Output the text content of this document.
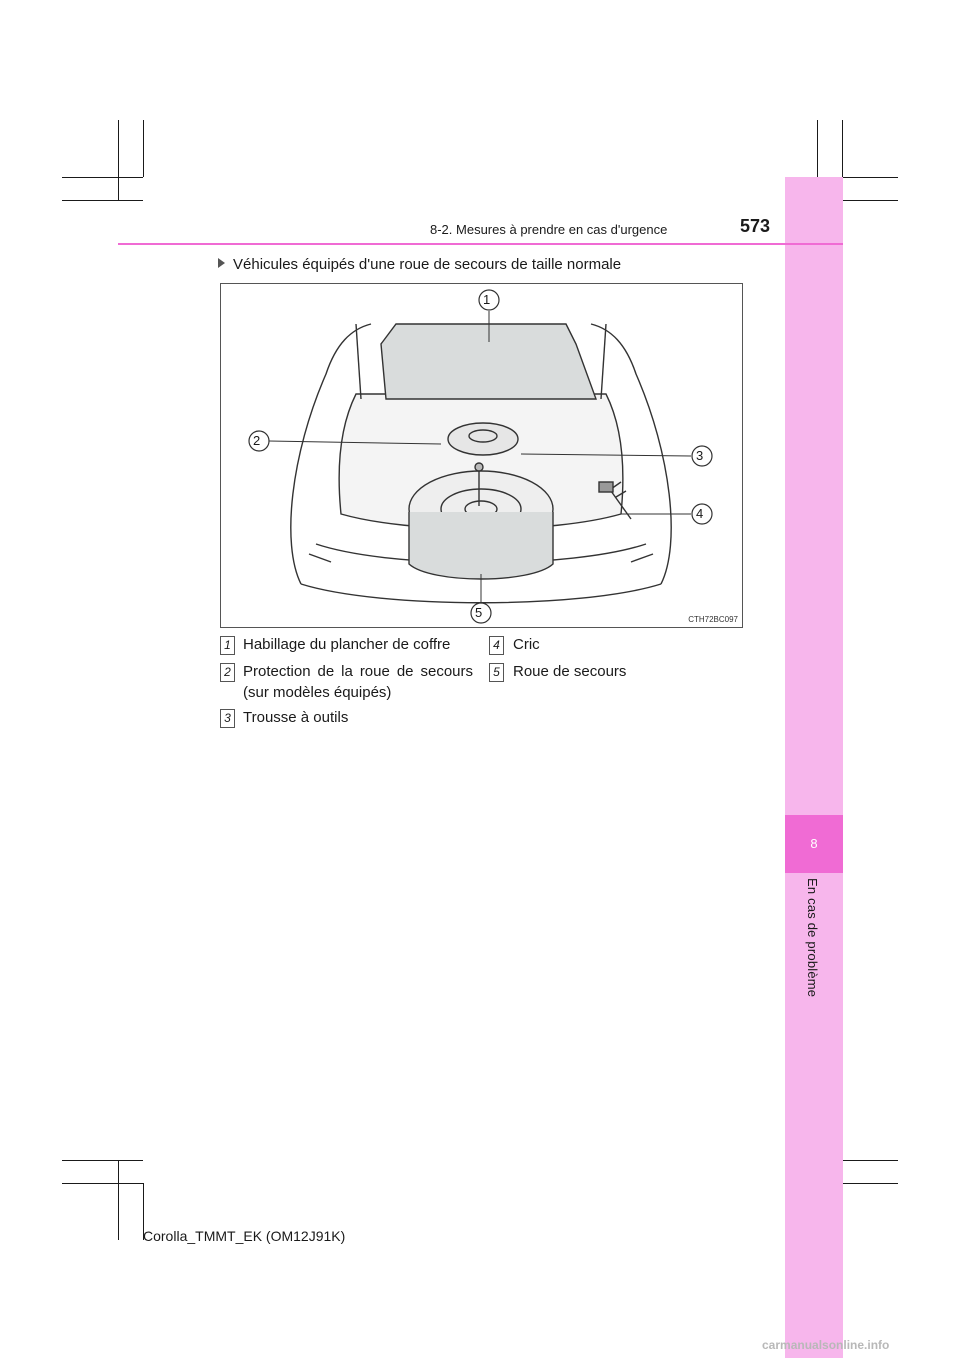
8
En cas de problème
8-2. Mesures à prendre en cas d'urgence	573
Véhicules équipés d'une roue de secours de taille normale
1
2
3
4
5	CTH72BC097
1 Habillage du plancher de coffre
2 Protection de la roue de secours
(sur modèles équipés)
3 Trousse à outils
4 Cric
5 Roue de secours
Corolla_TMMT_EK (OM12J91K)
carmanualsonline.info
